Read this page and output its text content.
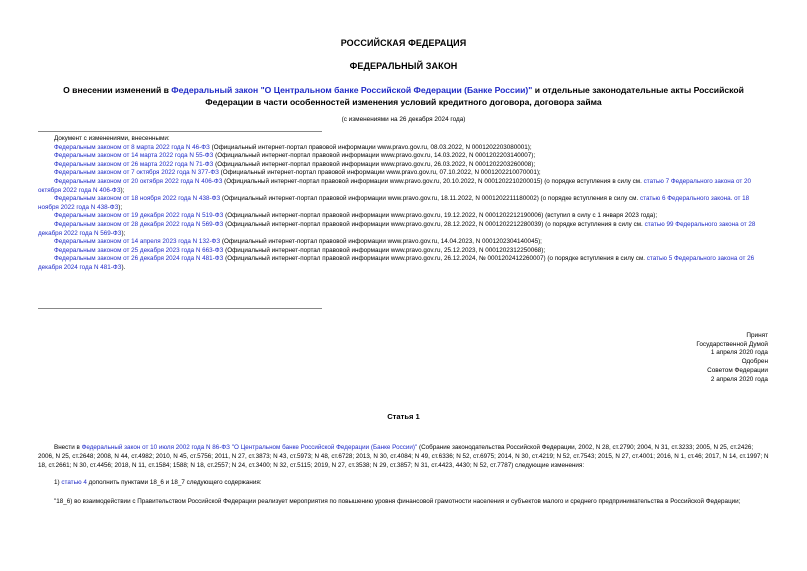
РОССИЙСКАЯ ФЕДЕРАЦИЯ
ФЕДЕРАЛЬНЫЙ ЗАКОН
О внесении изменений в Федеральный закон "О Центральном банке Российской Федерации (Банке России)" и отдельные законодательные акты Российской Федерации в части особенностей изменения условий кредитного договора, договора займа
(с изменениями на 26 декабря 2024 года)

Документ с изменениями, внесенными:

Федеральным законом от 8 марта 2022 года N 46-ФЗ (Официальный интернет-портал правовой информации www.pravo.gov.ru, 08.03.2022, N 0001202203080001);

Федеральным законом от 14 марта 2022 года N 55-ФЗ (Официальный интернет-портал правовой информации www.pravo.gov.ru, 14.03.2022, N 0001202203140007);

Федеральным законом от 26 марта 2022 года N 71-ФЗ (Официальный интернет-портал правовой информации www.pravo.gov.ru, 26.03.2022, N 0001202203260008);

Федеральным законом от 7 октября 2022 года N 377-ФЗ (Официальный интернет-портал правовой информации www.pravo.gov.ru, 07.10.2022, N 0001202210070001);

Федеральным законом от 20 октября 2022 года N 406-ФЗ (Официальный интернет-портал правовой информации www.pravo.gov.ru, 20.10.2022, N 0001202210200015) (о порядке вступления в силу см. статью 7 Федерального закона от 20 октября 2022 года N 406-ФЗ);

Федеральным законом от 18 ноября 2022 года N 438-ФЗ (Официальный интернет-портал правовой информации www.pravo.gov.ru, 18.11.2022, N 0001202211180002) (о порядке вступления в силу см. статью 6 Федерального закона. от 18 ноября 2022 года N 438-ФЗ);

Федеральным законом от 19 декабря 2022 года N 519-ФЗ (Официальный интернет-портал правовой информации www.pravo.gov.ru, 19.12.2022, N 0001202212190006) (вступил в силу с 1 января 2023 года);

Федеральным законом от 28 декабря 2022 года N 569-ФЗ (Официальный интернет-портал правовой информации www.pravo.gov.ru, 28.12.2022, N 0001202212280039) (о порядке вступления в силу см. статью 99 Федерального закона от 28 декабря 2022 года N 569-ФЗ);

Федеральным законом от 14 апреля 2023 года N 132-ФЗ (Официальный интернет-портал правовой информации www.pravo.gov.ru, 14.04.2023, N 0001202304140045);

Федеральным законом от 25 декабря 2023 года N 663-ФЗ (Официальный интернет-портал правовой информации www.pravo.gov.ru, 25.12.2023, N 0001202312250068);

Федеральным законом от 26 декабря 2024 года N 481-ФЗ (Официальный интернет-портал правовой информации www.pravo.gov.ru, 26.12.2024, № 0001202412260007) (о порядке вступления в силу см. статью 5 Федерального закона от 26 декабря 2024 года N 481-ФЗ).

Принят
Государственной Думой
1 апреля 2020 года
Одобрен
Советом Федерации
2 апреля 2020 года
Статья 1

Внести в Федеральный закон от 10 июля 2002 года N 86-ФЗ "О Центральном банке Российской Федерации (Банке России)" (Собрание законодательства Российской Федерации, 2002, N 28, ст.2790; 2004, N 31, ст.3233; 2005, N 25, ст.2426; 2006, N 25, ст.2648; 2008, N 44, ст.4982; 2010, N 45, ст.5756; 2011, N 27, ст.3873; N 43, ст.5973; N 48, ст.6728; 2013, N 30, ст.4084; N 49, ст.6336; N 52, ст.6975; 2014, N 30, ст.4219; N 52, ст.7543; 2015, N 27, ст.4001; 2016, N 1, ст.46; 2017, N 14, ст.1997; N 18, ст.2661; N 30, ст.4456; 2018, N 11, ст.1584; 1588; N 18, ст.2557; N 24, ст.3400; N 32, ст.5115; 2019, N 27, ст.3538; N 29, ст.3857; N 31, ст.4423, 4430; N 52, ст.7787) следующие изменения:

1) статью 4 дополнить пунктами 18_6 и 18_7 следующего содержания:

"18_6) во взаимодействии с Правительством Российской Федерации реализует мероприятия по повышению уровня финансовой грамотности населения и субъектов малого и среднего предпринимательства в Российской Федерации;
